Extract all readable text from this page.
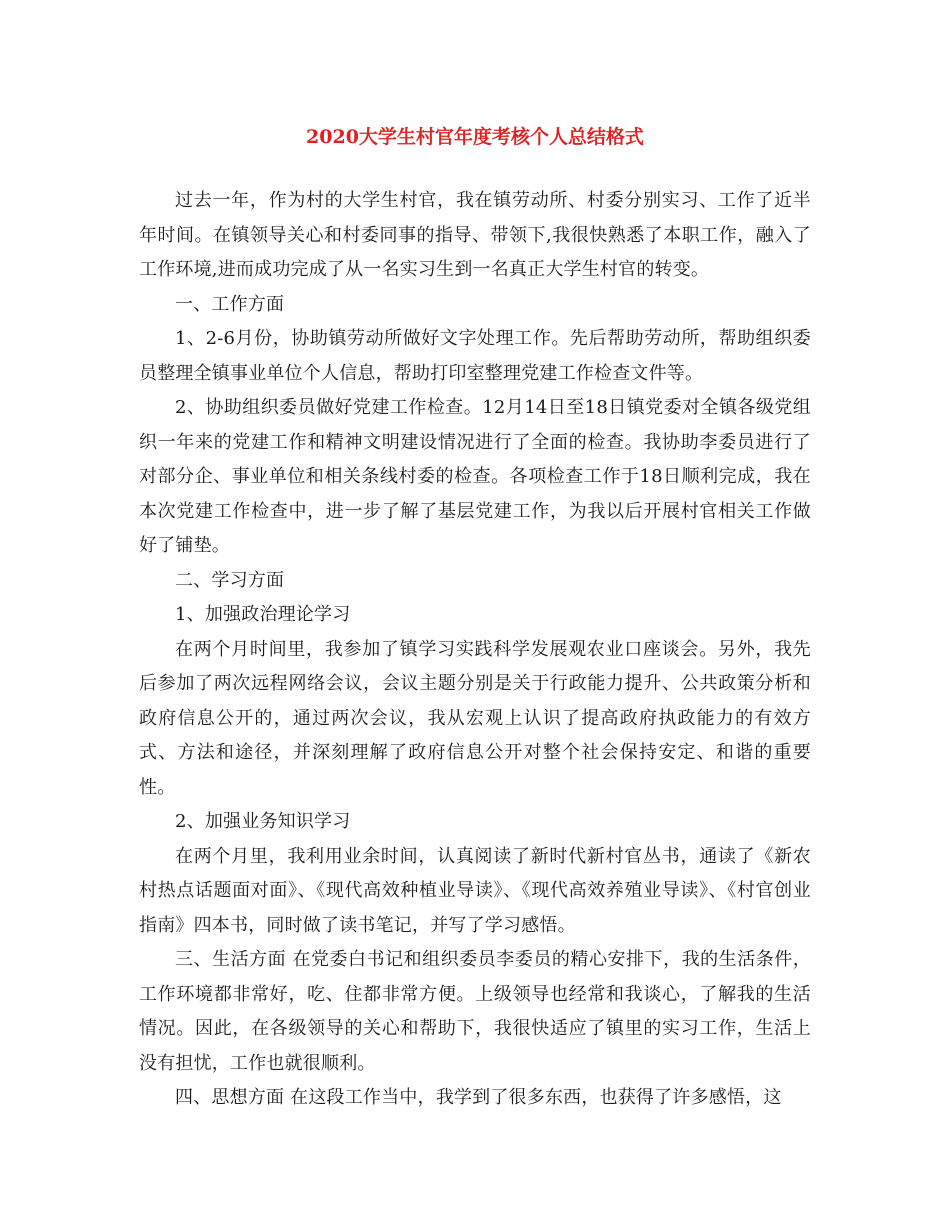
2020大学生村官年度考核个人总结格式

过去一年，作为村的大学生村官，我在镇劳动所、村委分别实习、工作了近半年时间。在镇领导关心和村委同事的指导、带领下,我很快熟悉了本职工作，融入了工作环境,进而成功完成了从一名实习生到一名真正大学生村官的转变。

一、工作方面

1、2-6月份，协助镇劳动所做好文字处理工作。先后帮助劳动所，帮助组织委员整理全镇事业单位个人信息，帮助打印室整理党建工作检查文件等。

2、协助组织委员做好党建工作检查。12月14日至18日镇党委对全镇各级党组织一年来的党建工作和精神文明建设情况进行了全面的检查。我协助李委员进行了对部分企、事业单位和相关条线村委的检查。各项检查工作于18日顺利完成，我在本次党建工作检查中，进一步了解了基层党建工作，为我以后开展村官相关工作做好了铺垫。

二、学习方面

1、加强政治理论学习

在两个月时间里，我参加了镇学习实践科学发展观农业口座谈会。另外，我先后参加了两次远程网络会议，会议主题分别是关于行政能力提升、公共政策分析和政府信息公开的，通过两次会议，我从宏观上认识了提高政府执政能力的有效方式、方法和途径，并深刻理解了政府信息公开对整个社会保持安定、和谐的重要性。

2、加强业务知识学习

在两个月里，我利用业余时间，认真阅读了新时代新村官丛书，通读了《新农村热点话题面对面》、《现代高效种植业导读》、《现代高效养殖业导读》、《村官创业指南》四本书，同时做了读书笔记，并写了学习感悟。

三、生活方面 在党委白书记和组织委员李委员的精心安排下，我的生活条件，工作环境都非常好，吃、住都非常方便。上级领导也经常和我谈心，了解我的生活情况。因此，在各级领导的关心和帮助下，我很快适应了镇里的实习工作，生活上没有担忧，工作也就很顺利。

四、思想方面 在这段工作当中，我学到了很多东西，也获得了许多感悟，这
